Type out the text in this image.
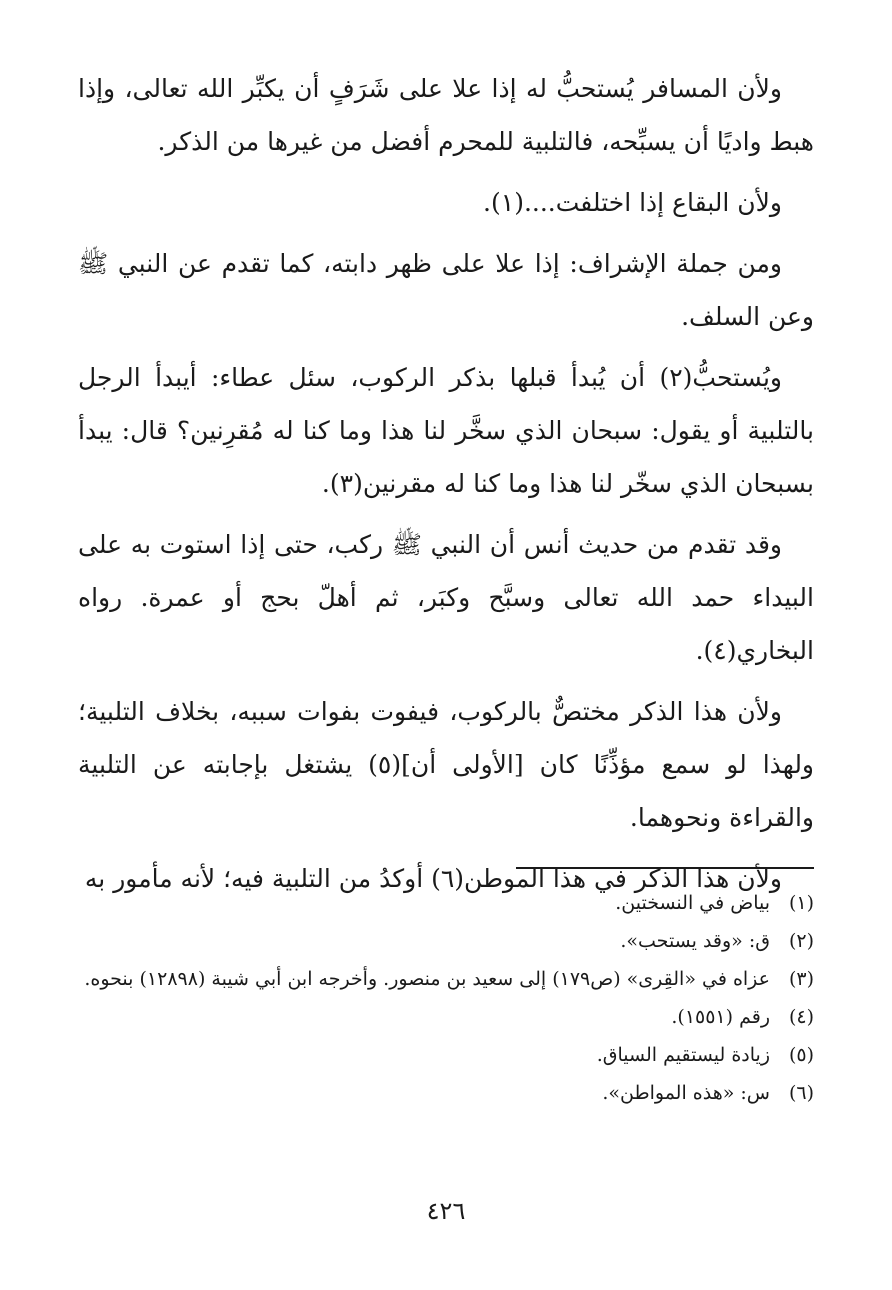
ولأن المسافر يُستحبُّ له إذا علا على شَرَفٍ أن يكبِّر الله تعالى، وإذا هبط واديًا أن يسبِّحه، فالتلبية للمحرم أفضل من غيرها من الذكر.

ولأن البقاع إذا اختلفت....(١).

ومن جملة الإشراف: إذا علا على ظهر دابته، كما تقدم عن النبي ﷺ وعن السلف.

ويُستحبُّ(٢) أن يُبدأ قبلها بذكر الركوب، سئل عطاء: أيبدأ الرجل بالتلبية أو يقول: سبحان الذي سخَّر لنا هذا وما كنا له مُقرِنين؟ قال: يبدأ بسبحان الذي سخّر لنا هذا وما كنا له مقرنين(٣).

وقد تقدم من حديث أنس أن النبي ﷺ ركب، حتى إذا استوت به على البيداء حمد الله تعالى وسبَّح وكبَر، ثم أهلّ بحج أو عمرة. رواه البخاري(٤).

ولأن هذا الذكر مختصٌّ بالركوب، فيفوت بفوات سببه، بخلاف التلبية؛ ولهذا لو سمع مؤذِّنًا كان [الأولى أن](٥) يشتغل بإجابته عن التلبية والقراءة ونحوهما.

ولأن هذا الذكر في هذا الموطن(٦) أوكدُ من التلبية فيه؛ لأنه مأمور به

(١)
بياض في النسختين.
(٢)
ق: «وقد يستحب».
(٣)
عزاه في «القِرى» (ص١٧٩) إلى سعيد بن منصور. وأخرجه ابن أبي شيبة (١٢٨٩٨) بنحوه.
(٤)
رقم (١٥٥١).
(٥)
زيادة ليستقيم السياق.
(٦)
س: «هذه المواطن».
٤٢٦
